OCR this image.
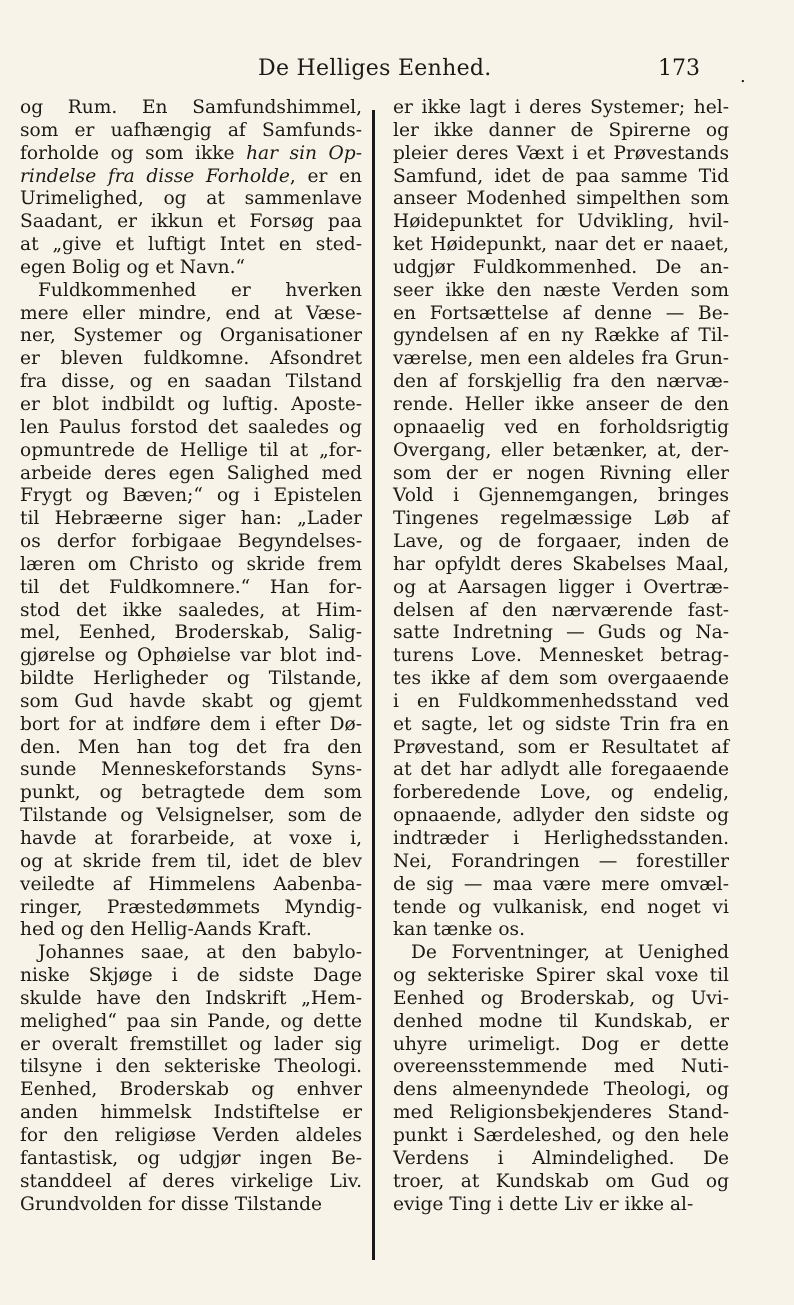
De Helliges Eenhed.	173 .
og Rum. En Samfundshimmel,
som er uafhængig af Samfunds-
forholde og som ikke har sin Op-
rindelse fra disse Forholde, er en
Urimelighed, og at sammenlave
Saadant, er ikkun et Forsøg paa
at „give et luftigt Intet en sted-
egen Bolig og et Navn.“
Fuldkommenhed er hverken
mere eller mindre, end at Væse-
ner, Systemer og Organisationer
er bleven fuldkomne. Afsondret
fra disse, og en saadan Tilstand
er blot indbildt og luftig. Aposte-
len Paulus forstod det saaledes og
opmuntrede de Hellige til at „for-
arbeide deres egen Salighed med
Frygt og Bæven;“ og i Epistelen
til Hebræerne siger han: „Lader
os derfor forbigaae Begyndelses-
læren om Christo og skride frem
til det Fuldkomnere.“ Han for-
stod det ikke saaledes, at Him-
mel, Eenhed, Broderskab, Salig-
gjørelse og Ophøielse var blot ind-
bildte Herligheder og Tilstande,
som Gud havde skabt og gjemt
bort for at indføre dem i efter Dø-
den. Men han tog det fra den
sunde Menneskeforstands Syns-
punkt, og betragtede dem som
Tilstande og Velsignelser, som de
havde at forarbeide, at voxe i,
og at skride frem til, idet de blev
veiledte af Himmelens Aabenba-
ringer, Præstedømmets Myndig-
hed og den Hellig-Aands Kraft.
Johannes saae, at den babylo-
niske Skjøge i de sidste Dage
skulde have den Indskrift „Hem-
melighed“ paa sin Pande, og dette
er overalt fremstillet og lader sig
tilsyne i den sekteriske Theologi.
Eenhed, Broderskab og enhver
anden himmelsk Indstiftelse er
for den religiøse Verden aldeles
fantastisk, og udgjør ingen Be-
standdeel af deres virkelige Liv.
Grundvolden for disse Tilstande
er ikke lagt i deres Systemer; hel-
ler ikke danner de Spirerne og
pleier deres Væxt i et Prøvestands
Samfund, idet de paa samme Tid
anseer Modenhed simpelthen som
Høidepunktet for Udvikling, hvil-
ket Høidepunkt, naar det er naaet,
udgjør Fuldkommenhed. De an-
seer ikke den næste Verden som
en Fortsættelse af denne — Be-
gyndelsen af en ny Række af Til-
værelse, men een aldeles fra Grun-
den af forskjellig fra den nærvæ-
rende. Heller ikke anseer de den
opnaaelig ved en forholdsrigtig
Overgang, eller betænker, at, der-
som der er nogen Rivning eller
Vold i Gjennemgangen, bringes
Tingenes regelmæssige Løb af
Lave, og de forgaaer, inden de
har opfyldt deres Skabelses Maal,
og at Aarsagen ligger i Overtræ-
delsen af den nærværende fast-
satte Indretning — Guds og Na-
turens Love. Mennesket betrag-
tes ikke af dem som overgaaende
i en Fuldkommenhedsstand ved
et sagte, let og sidste Trin fra en
Prøvestand, som er Resultatet af
at det har adlydt alle foregaaende
forberedende Love, og endelig,
opnaaende, adlyder den sidste og
indtræder i Herlighedsstanden.
Nei, Forandringen — forestiller
de sig — maa være mere omvæl-
tende og vulkanisk, end noget vi
kan tænke os.
De Forventninger, at Uenighed
og sekteriske Spirer skal voxe til
Eenhed og Broderskab, og Uvi-
denhed modne til Kundskab, er
uhyre urimeligt. Dog er dette
overeensstemmende med Nuti-
dens almeenyndede Theologi, og
med Religionsbekjenderes Stand-
punkt i Særdeleshed, og den hele
Verdens i Almindelighed. De
troer, at Kundskab om Gud og
evige Ting i dette Liv er ikke al-
